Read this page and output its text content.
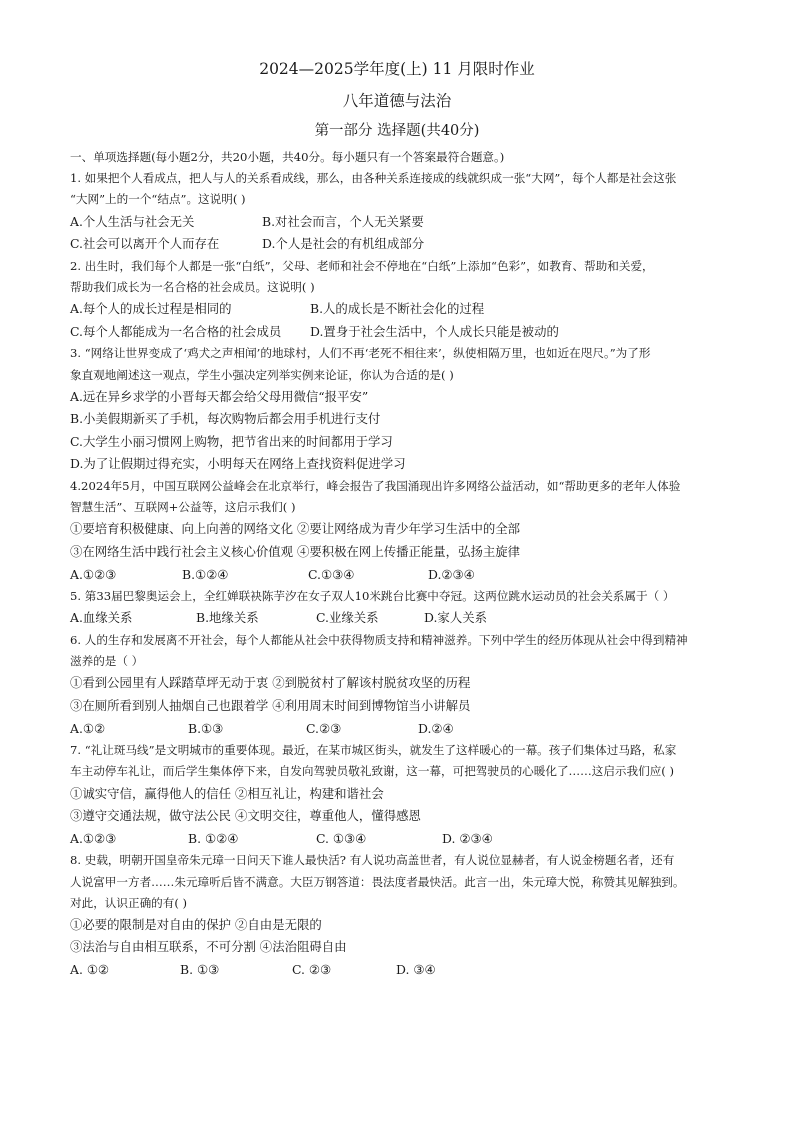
2024—2025学年度(上) 11 月限时作业
八年道德与法治
第一部分 选择题(共40分)
一、单项选择题(每小题2分，共20小题，共40分。每小题只有一个答案最符合题意。)
1. 如果把个人看成点，把人与人的关系看成线，那么，由各种关系连接成的线就织成一张“大网”，每个人都是社会这张
“大网”上的一个“结点”。这说明( )
A.个人生活与社会无关	B.对社会而言，个人无关紧要
C.社会可以离开个人而存在	D.个人是社会的有机组成部分
2. 出生时，我们每个人都是一张“白纸”，父母、老师和社会不停地在“白纸”上添加“色彩”，如教育、帮助和关爱，
帮助我们成长为一名合格的社会成员。这说明( )
A.每个人的成长过程是相同的	B.人的成长是不断社会化的过程
C.每个人都能成为一名合格的社会成员 D.置身于社会生活中，个人成长只能是被动的
3. “网络让世界变成了‘鸡犬之声相闻’的地球村，人们不再‘老死不相往来’，纵使相隔万里，也如近在咫尺。”为了形
象直观地阐述这一观点，学生小强决定列举实例来论证，你认为合适的是( )
A.远在异乡求学的小晋每天都会给父母用微信“报平安”
B.小美假期新买了手机，每次购物后都会用手机进行支付
C.大学生小丽习惯网上购物，把节省出来的时间都用于学习
D.为了让假期过得充实，小明每天在网络上查找资料促进学习
4.2024年5月，中国互联网公益峰会在北京举行，峰会报告了我国涌现出许多网络公益活动，如“帮助更多的老年人体验
智慧生活”、互联网+公益等，这启示我们( )
①要培育积极健康、向上向善的网络文化 ②要让网络成为青少年学习生活中的全部
③在网络生活中践行社会主义核心价值观 ④要积极在网上传播正能量，弘扬主旋律
A.①②③	B.①②④	C.①③④	D.②③④
5. 第33届巴黎奥运会上，全红婵联袂陈芋汐在女子双人10米跳台比赛中夺冠。这两位跳水运动员的社会关系属于（ ）
A.血缘关系	B.地缘关系	C.业缘关系	D.家人关系
6. 人的生存和发展离不开社会，每个人都能从社会中获得物质支持和精神滋养。下列中学生的经历体现从社会中得到精神
滋养的是（ ）
①看到公园里有人踩踏草坪无动于衷 ②到脱贫村了解该村脱贫攻坚的历程
③在厕所看到别人抽烟自己也跟着学 ④利用周末时间到博物馆当小讲解员
A.①②	B.①③	C.②③	D.②④
7. “礼让斑马线”是文明城市的重要体现。最近，在某市城区街头，就发生了这样暖心的一幕。孩子们集体过马路，私家
车主动停车礼让，而后学生集体停下来，自发向驾驶员敬礼致谢，这一幕，可把驾驶员的心暖化了……这启示我们应( )
①诚实守信，赢得他人的信任 ②相互礼让，构建和谐社会
③遵守交通法规，做守法公民 ④文明交往，尊重他人，懂得感恩
A.①②③	B. ①②④	C. ①③④	D. ②③④
8. 史载，明朝开国皇帝朱元璋一日问天下谁人最快活? 有人说功高盖世者，有人说位显赫者，有人说金榜题名者，还有
人说富甲一方者……朱元璋听后皆不满意。大臣万钢答道：畏法度者最快活。此言一出，朱元璋大悦，称赞其见解独到。
对此，认识正确的有( )
①必要的限制是对自由的保护 ②自由是无限的
③法治与自由相互联系，不可分割 ④法治阻碍自由
A. ①②	B. ①③	C. ②③	D. ③④
